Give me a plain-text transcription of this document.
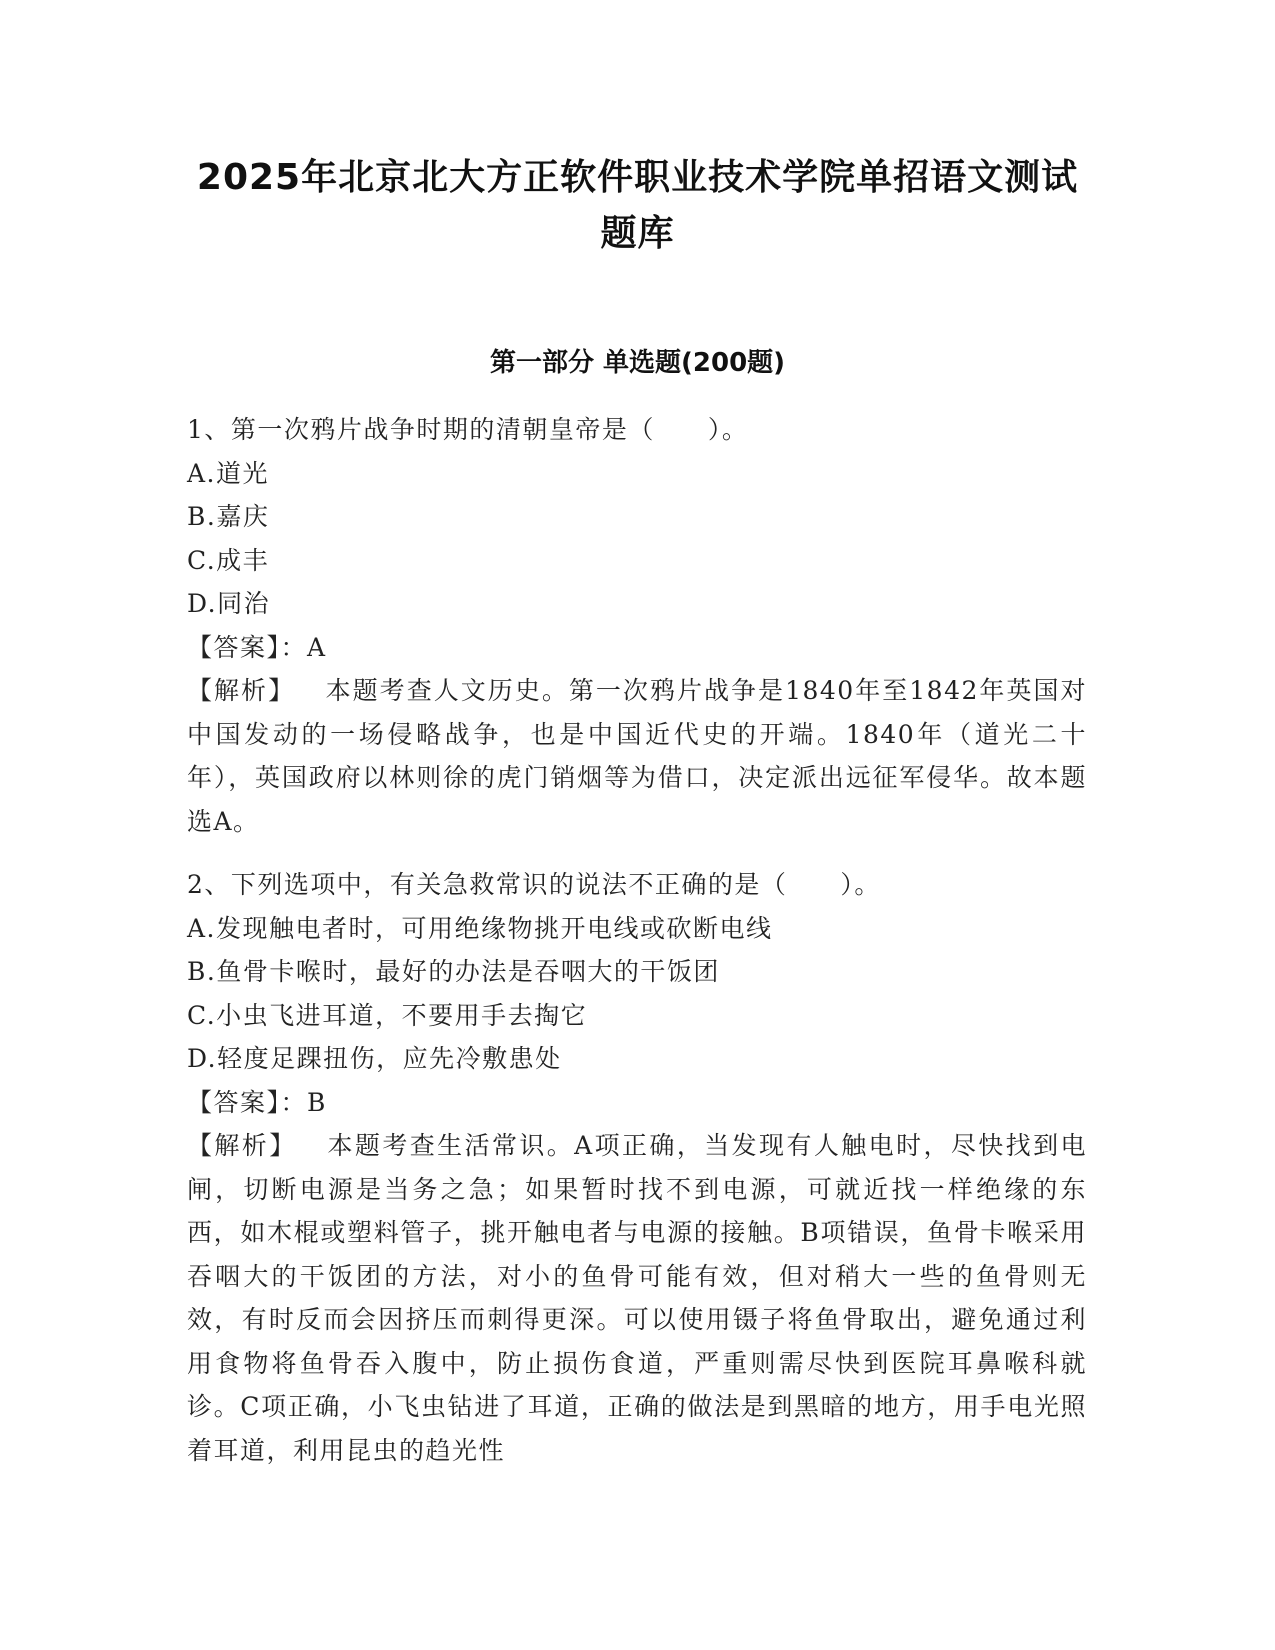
2025年北京北大方正软件职业技术学院单招语文测试题库
第一部分 单选题(200题)

1、第一次鸦片战争时期的清朝皇帝是（　　）。

A.道光

B.嘉庆

C.成丰

D.同治

【答案】：A

【解析】 本题考查人文历史。第一次鸦片战争是1840年至1842年英国对中国发动的一场侵略战争，也是中国近代史的开端。1840年（道光二十年），英国政府以林则徐的虎门销烟等为借口，决定派出远征军侵华。故本题选A。

2、下列选项中，有关急救常识的说法不正确的是（　　）。

A.发现触电者时，可用绝缘物挑开电线或砍断电线

B.鱼骨卡喉时，最好的办法是吞咽大的干饭团

C.小虫飞进耳道，不要用手去掏它

D.轻度足踝扭伤，应先冷敷患处

【答案】：B

【解析】 本题考查生活常识。A项正确，当发现有人触电时，尽快找到电闸，切断电源是当务之急；如果暂时找不到电源，可就近找一样绝缘的东西，如木棍或塑料管子，挑开触电者与电源的接触。B项错误，鱼骨卡喉采用吞咽大的干饭团的方法，对小的鱼骨可能有效，但对稍大一些的鱼骨则无效，有时反而会因挤压而刺得更深。可以使用镊子将鱼骨取出，避免通过利用食物将鱼骨吞入腹中，防止损伤食道，严重则需尽快到医院耳鼻喉科就诊。C项正确，小飞虫钻进了耳道，正确的做法是到黑暗的地方，用手电光照着耳道，利用昆虫的趋光性
